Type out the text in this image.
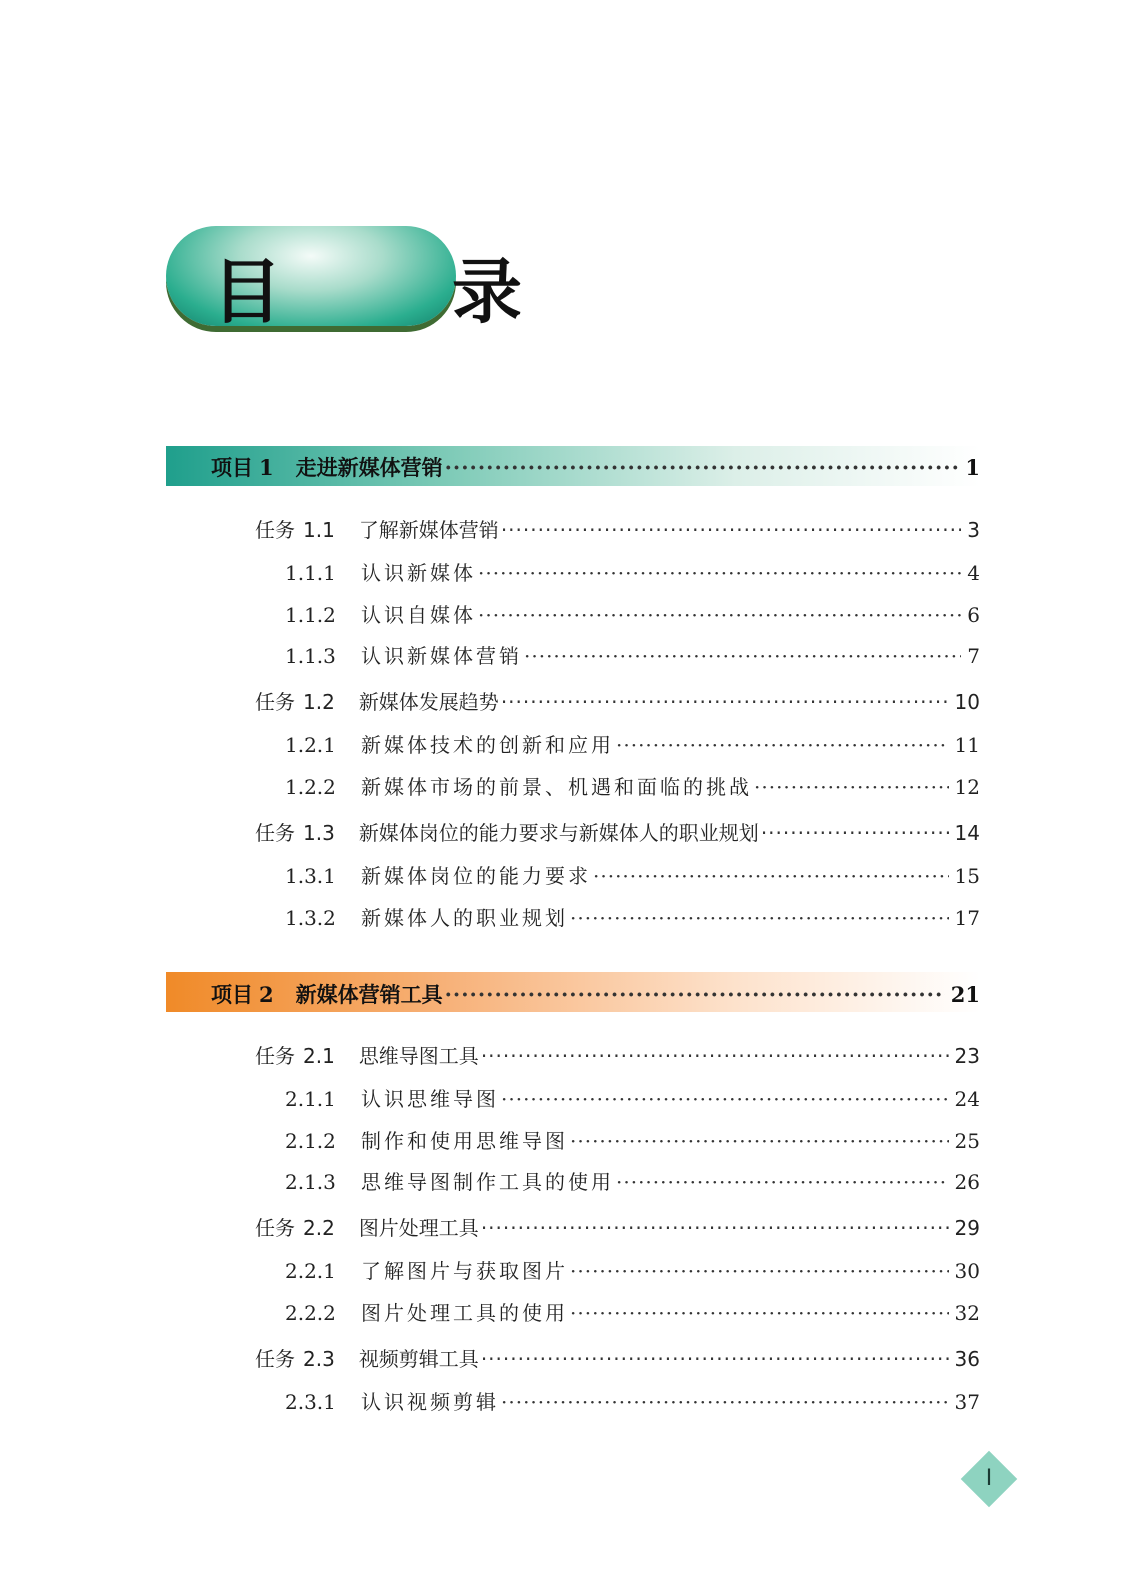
目　录
项目 1 走进新媒体营销 ·····	1
任务 1.1 了解新媒体营销 ·····	3
1.1.1 认识新媒体 ·····	4
1.1.2 认识自媒体 ·····	6
1.1.3 认识新媒体营销 ·····	7
任务 1.2 新媒体发展趋势 ·····	10
1.2.1 新媒体技术的创新和应用 ·····	11
1.2.2 新媒体市场的前景、机遇和面临的挑战 ·····	12
任务 1.3 新媒体岗位的能力要求与新媒体人的职业规划 ·····	14
1.3.1 新媒体岗位的能力要求 ·····	15
1.3.2 新媒体人的职业规划 ·····	17
项目 2 新媒体营销工具 ·····	21
任务 2.1 思维导图工具 ·····	23
2.1.1 认识思维导图 ·····	24
2.1.2 制作和使用思维导图 ·····	25
2.1.3 思维导图制作工具的使用 ·····	26
任务 2.2 图片处理工具 ·····	29
2.2.1 了解图片与获取图片 ·····	30
2.2.2 图片处理工具的使用 ·····	32
任务 2.3 视频剪辑工具 ·····	36
2.3.1 认识视频剪辑 ·····	37
I
